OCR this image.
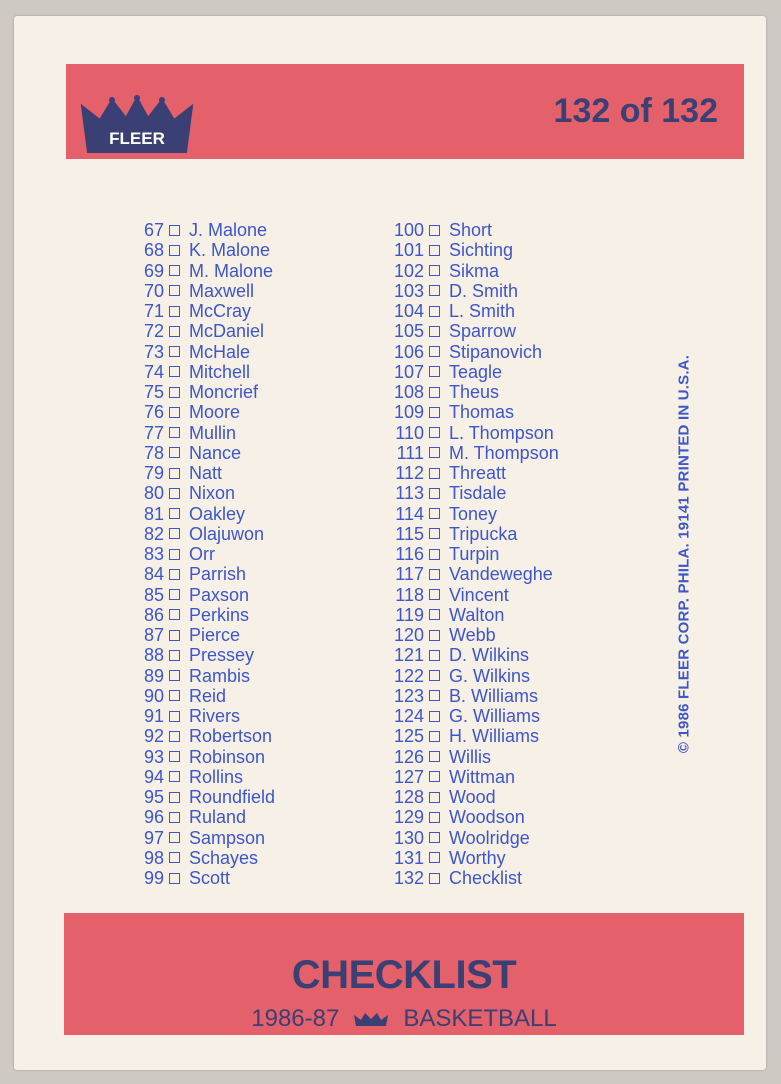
FLEER
132 of 132
67 J. Malone
68 K. Malone
69 M. Malone
70 Maxwell
71 McCray
72 McDaniel
73 McHale
74 Mitchell
75 Moncrief
76 Moore
77 Mullin
78 Nance
79 Natt
80 Nixon
81 Oakley
82 Olajuwon
83 Orr
84 Parrish
85 Paxson
86 Perkins
87 Pierce
88 Pressey
89 Rambis
90 Reid
91 Rivers
92 Robertson
93 Robinson
94 Rollins
95 Roundfield
96 Ruland
97 Sampson
98 Schayes
99 Scott
100 Short
101 Sichting
102 Sikma
103 D. Smith
104 L. Smith
105 Sparrow
106 Stipanovich
107 Teagle
108 Theus
109 Thomas
110 L. Thompson
111 M. Thompson
112 Threatt
113 Tisdale
114 Toney
115 Tripucka
116 Turpin
117 Vandeweghe
118 Vincent
119 Walton
120 Webb
121 D. Wilkins
122 G. Wilkins
123 B. Williams
124 G. Williams
125 H. Williams
126 Willis
127 Wittman
128 Wood
129 Woodson
130 Woolridge
131 Worthy
132 Checklist
© 1986 FLEER CORP. PHILA. 19141 PRINTED IN U.S.A.
CHECKLIST
1986-87	BASKETBALL
